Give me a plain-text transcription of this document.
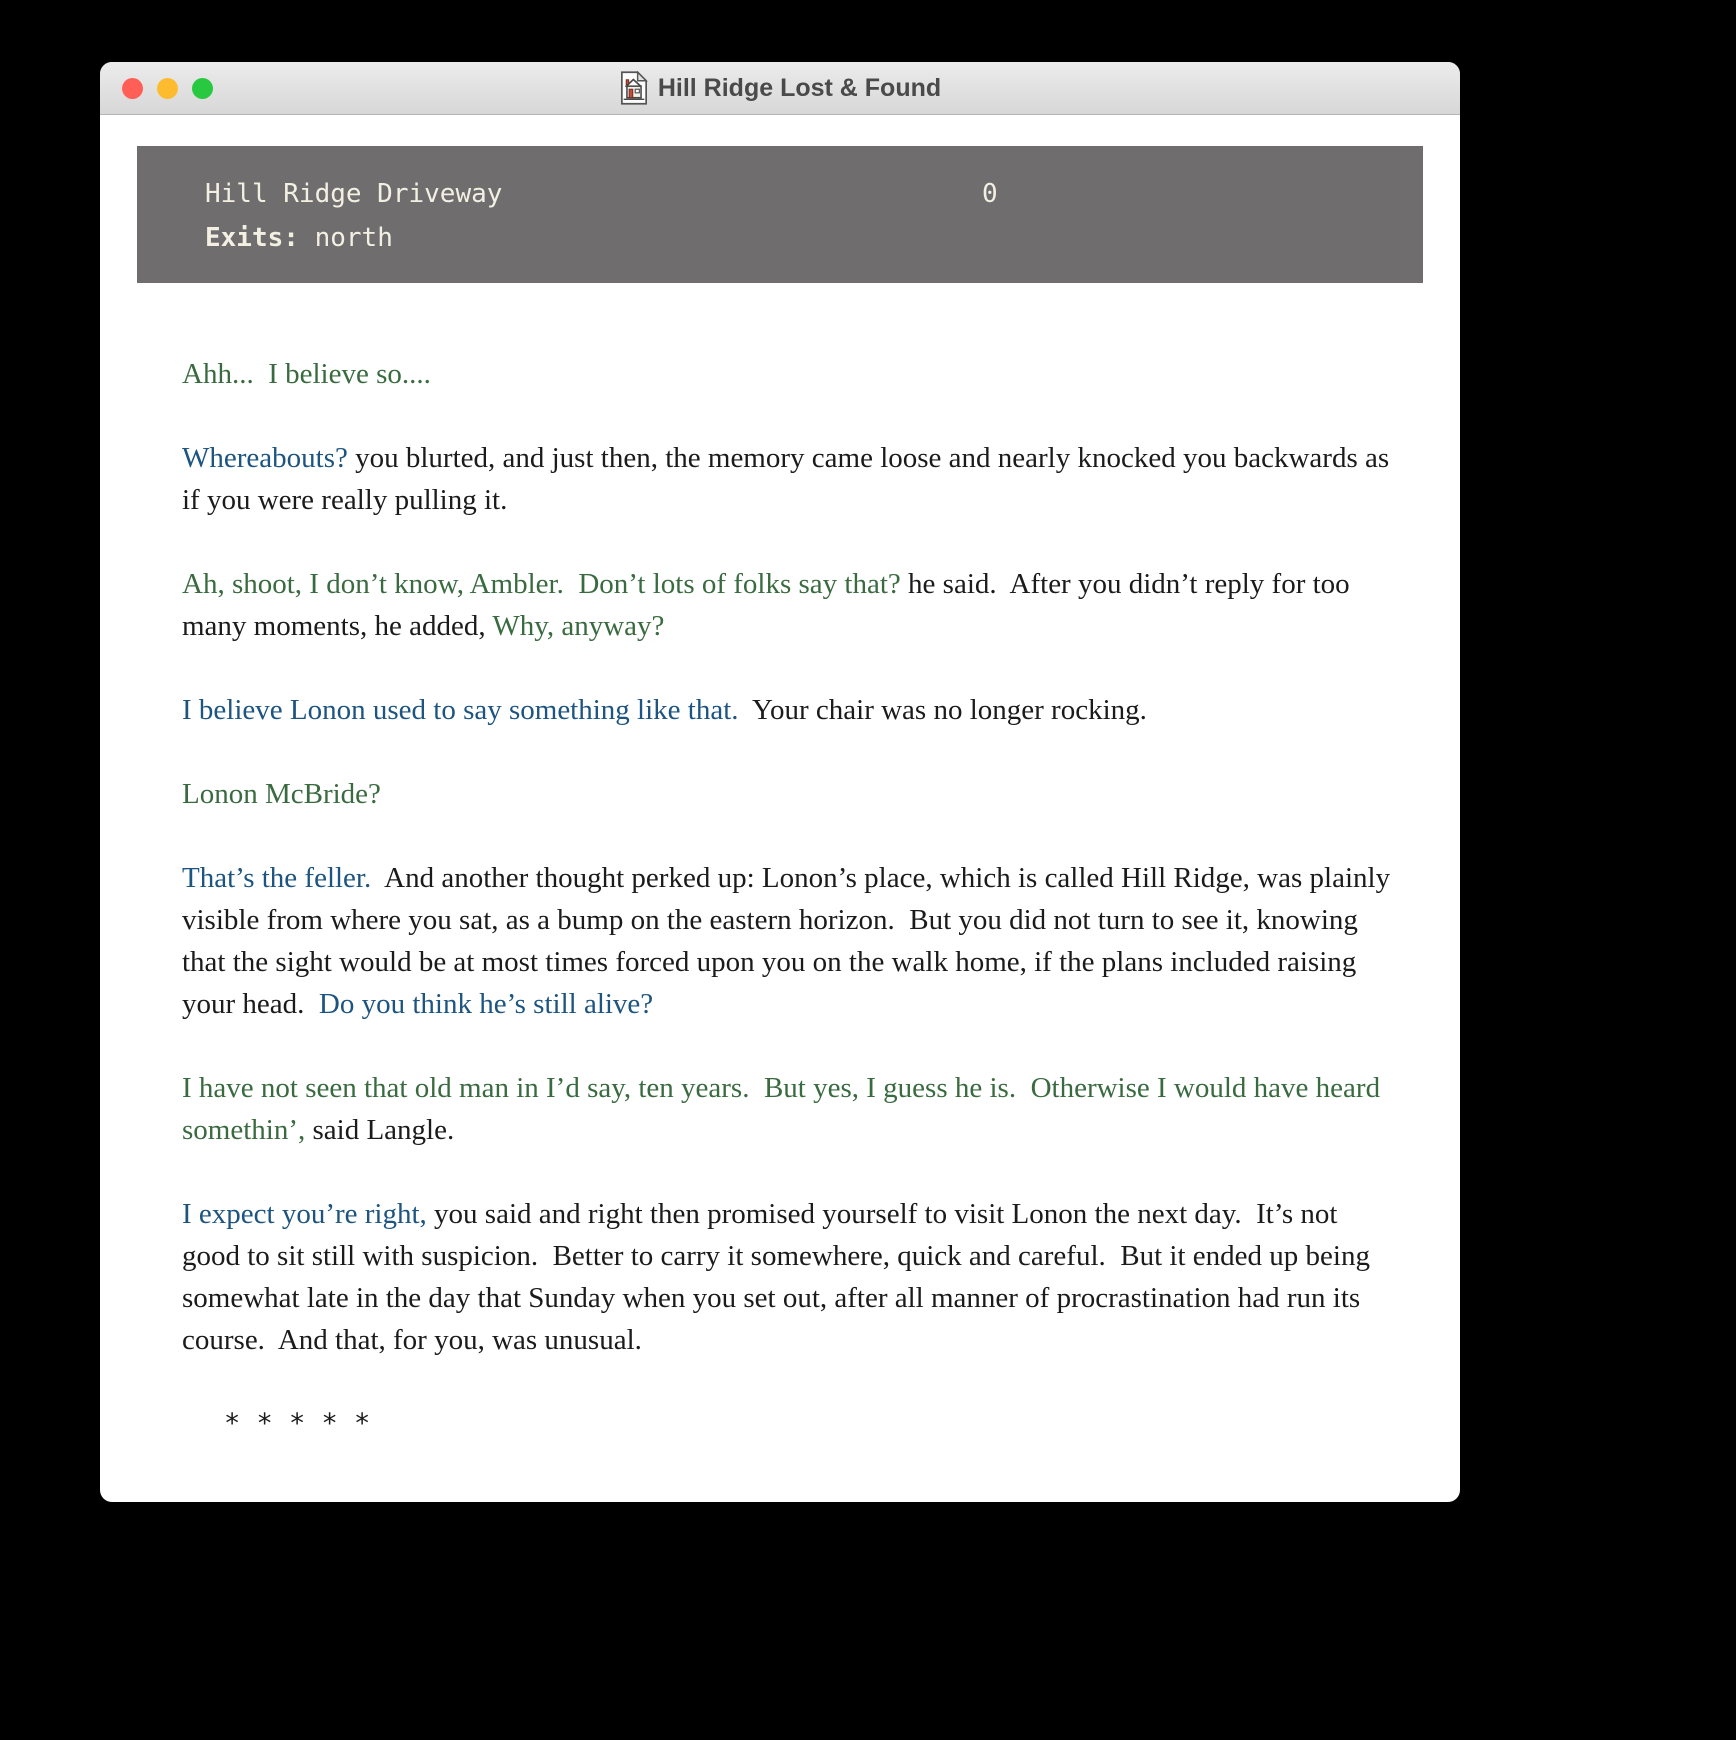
Hill Ridge Lost & Found
Hill Ridge Driveway	0
Exits: north

Ahh...  I believe so....

Whereabouts? you blurted, and just then, the memory came loose and nearly knocked you backwards as if you were really pulling it.

Ah, shoot, I don’t know, Ambler.  Don’t lots of folks say that? he said.  After you didn’t reply for too many moments, he added, Why, anyway?

I believe Lonon used to say something like that.  Your chair was no longer rocking.

Lonon McBride?

That’s the feller.  And another thought perked up: Lonon’s place, which is called Hill Ridge, was plainly visible from where you sat, as a bump on the eastern horizon.  But you did not turn to see it, knowing that the sight would be at most times forced upon you on the walk home, if the plans included raising your head.  Do you think he’s still alive?

I have not seen that old man in I’d say, ten years.  But yes, I guess he is.  Otherwise I would have heard somethin’, said Langle.

I expect you’re right, you said and right then promised yourself to visit Lonon the next day.  It’s not good to sit still with suspicion.  Better to carry it somewhere, quick and careful.  But it ended up being somewhat late in the day that Sunday when you set out, after all manner of procrastination had run its course.  And that, for you, was unusual.

* * * * *
